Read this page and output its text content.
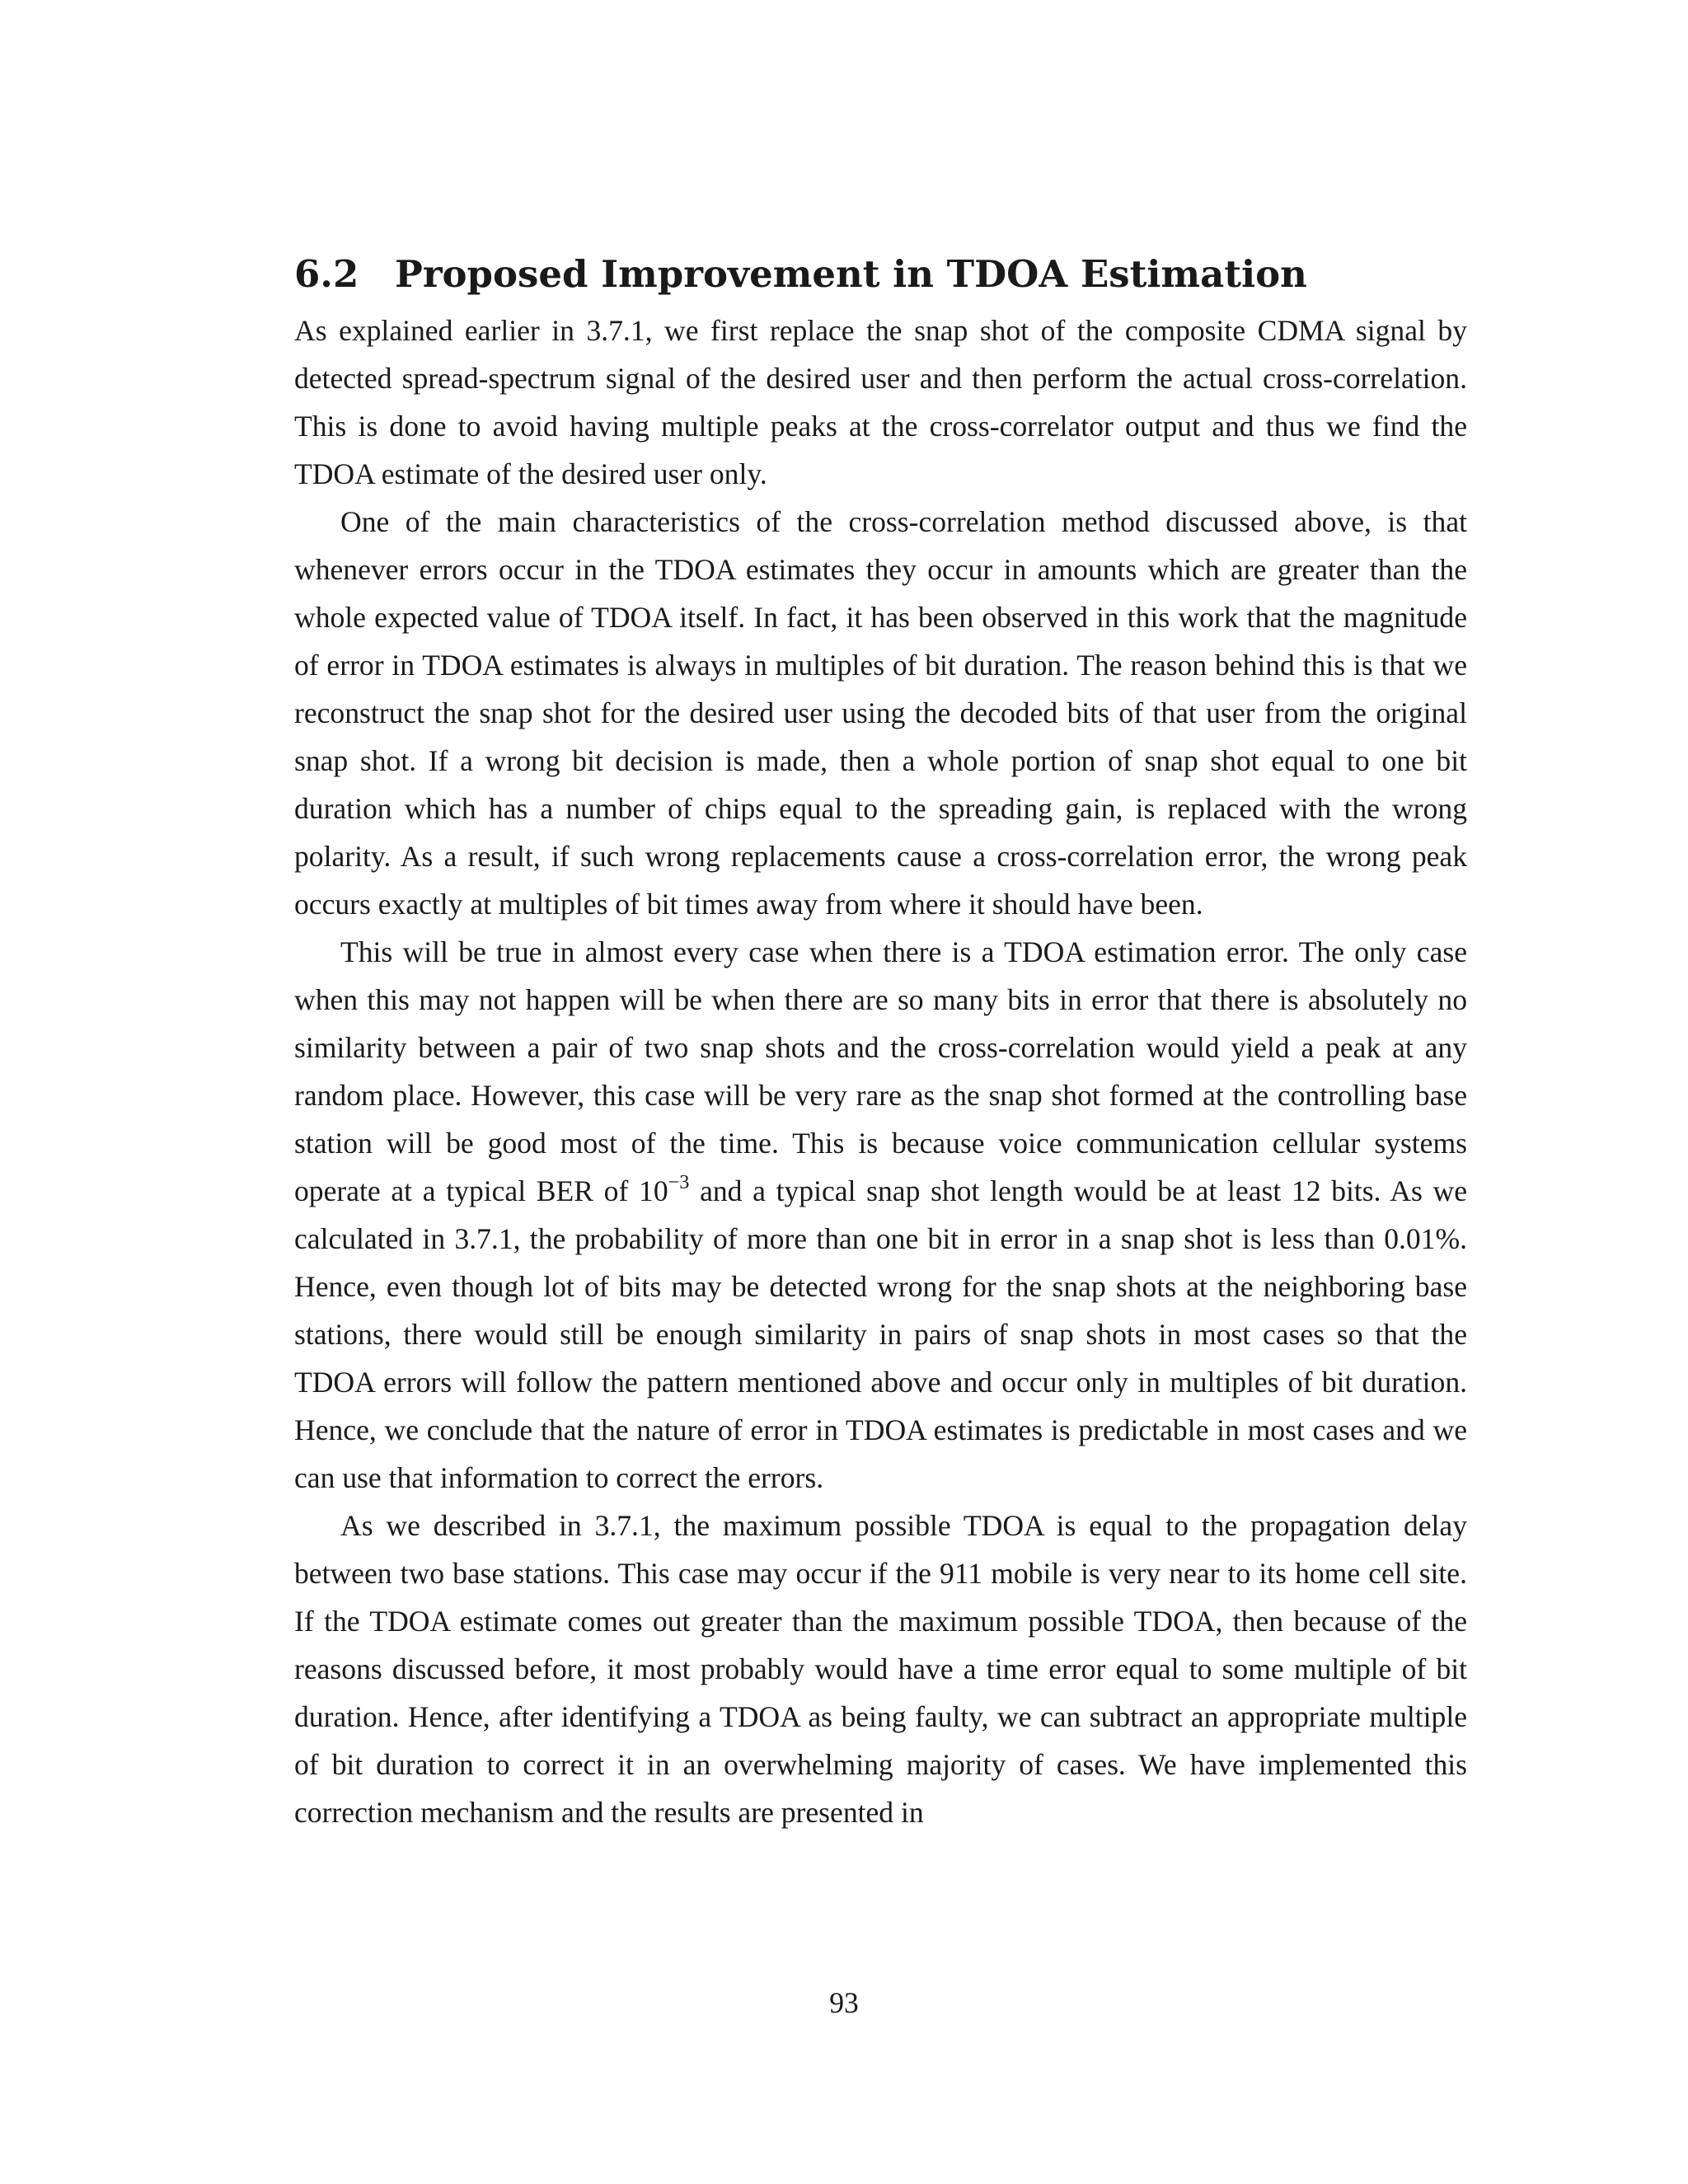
6.2 Proposed Improvement in TDOA Estimation

As explained earlier in 3.7.1, we first replace the snap shot of the composite CDMA signal by detected spread-spectrum signal of the desired user and then perform the actual cross-correlation. This is done to avoid having multiple peaks at the cross-correlator output and thus we find the TDOA estimate of the desired user only.

One of the main characteristics of the cross-correlation method discussed above, is that whenever errors occur in the TDOA estimates they occur in amounts which are greater than the whole expected value of TDOA itself. In fact, it has been observed in this work that the magnitude of error in TDOA estimates is always in multiples of bit duration. The reason behind this is that we reconstruct the snap shot for the desired user using the decoded bits of that user from the original snap shot. If a wrong bit decision is made, then a whole portion of snap shot equal to one bit duration which has a number of chips equal to the spreading gain, is replaced with the wrong polarity. As a result, if such wrong replacements cause a cross-correlation error, the wrong peak occurs exactly at multiples of bit times away from where it should have been.

This will be true in almost every case when there is a TDOA estimation error. The only case when this may not happen will be when there are so many bits in error that there is absolutely no similarity between a pair of two snap shots and the cross-correlation would yield a peak at any random place. However, this case will be very rare as the snap shot formed at the controlling base station will be good most of the time. This is because voice communication cellular systems operate at a typical BER of $10^{-3}$ and a typical snap shot length would be at least 12 bits. As we calculated in 3.7.1, the probability of more than one bit in error in a snap shot is less than 0.01%. Hence, even though lot of bits may be detected wrong for the snap shots at the neighboring base stations, there would still be enough similarity in pairs of snap shots in most cases so that the TDOA errors will follow the pattern mentioned above and occur only in multiples of bit duration. Hence, we conclude that the nature of error in TDOA estimates is predictable in most cases and we can use that information to correct the errors.

As we described in 3.7.1, the maximum possible TDOA is equal to the propagation delay between two base stations. This case may occur if the 911 mobile is very near to its home cell site. If the TDOA estimate comes out greater than the maximum possible TDOA, then because of the reasons discussed before, it most probably would have a time error equal to some multiple of bit duration. Hence, after identifying a TDOA as being faulty, we can subtract an appropriate multiple of bit duration to correct it in an overwhelming majority of cases. We have implemented this correction mechanism and the results are presented in

93
